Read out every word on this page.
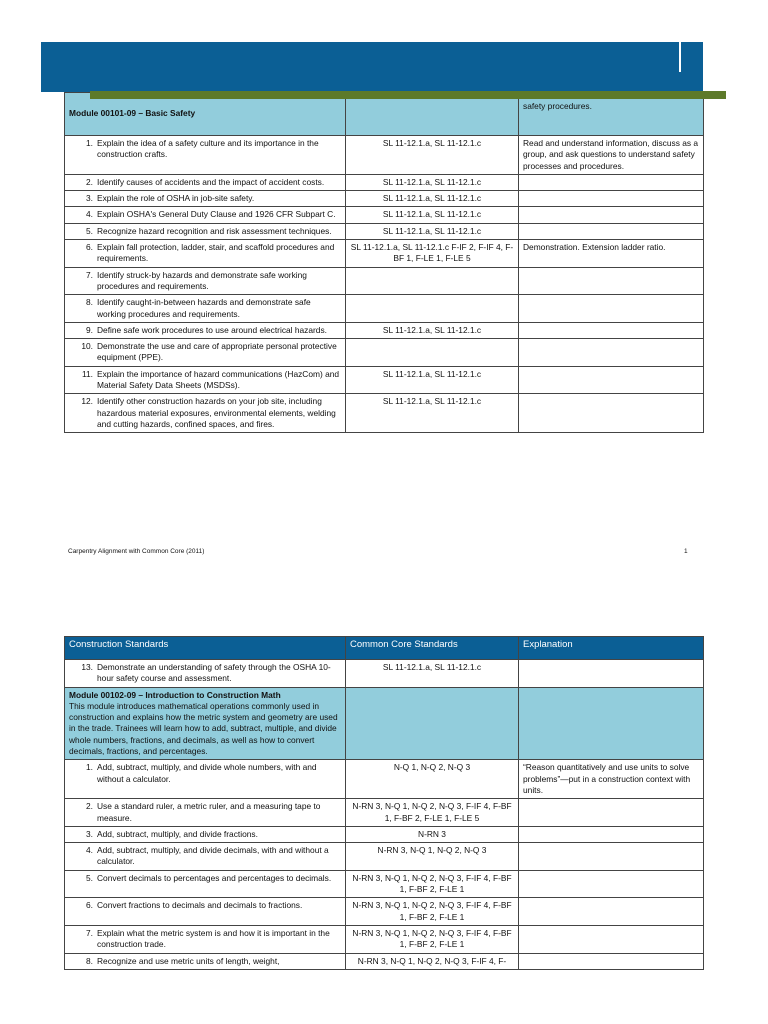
Module 00101-09 – Basic Safety		safety procedures.

1. Explain the idea of a safety culture and its importance in the construction crafts.	SL 11-12.1.a, SL 11-12.1.c	Read and understand information, discuss as a group, and ask questions to understand safety processes and procedures.

2. Identify causes of accidents and the impact of accident costs.	SL 11-12.1.a, SL 11-12.1.c	

3. Explain the role of OSHA in job-site safety.	SL 11-12.1.a, SL 11-12.1.c	

4. Explain OSHA's General Duty Clause and 1926 CFR Subpart C.	SL 11-12.1.a, SL 11-12.1.c	

5. Recognize hazard recognition and risk assessment techniques.	SL 11-12.1.a, SL 11-12.1.c	

6. Explain fall protection, ladder, stair, and scaffold procedures and requirements.	SL 11-12.1.a, SL 11-12.1.c F-IF 2, F-IF 4, F-BF 1, F-LE 1, F-LE 5	Demonstration. Extension ladder ratio.

7. Identify struck-by hazards and demonstrate safe working procedures and requirements.		

8. Identify caught-in-between hazards and demonstrate safe working procedures and requirements.		

9. Define safe work procedures to use around electrical hazards.	SL 11-12.1.a, SL 11-12.1.c	

10. Demonstrate the use and care of appropriate personal protective equipment (PPE).		

11. Explain the importance of hazard communications (HazCom) and Material Safety Data Sheets (MSDSs).	SL 11-12.1.a, SL 11-12.1.c	

12. Identify other construction hazards on your job site, including hazardous material exposures, environmental elements, welding and cutting hazards, confined spaces, and fires.	SL 11-12.1.a, SL 11-12.1.c	
Carpentry Alignment with Common Core (2011)	1
Construction Standards	Common Core Standards	Explanation

13. Demonstrate an understanding of safety through the OSHA 10-hour safety course and assessment.	SL 11-12.1.a, SL 11-12.1.c	

Module 00102-09 – Introduction to Construction Math
This module introduces mathematical operations commonly used in construction and explains how the metric system and geometry are used in the trade. Trainees will learn how to add, subtract, multiple, and divide whole numbers, fractions, and decimals, as well as how to convert decimals, fractions, and percentages.		

1. Add, subtract, multiply, and divide whole numbers, with and without a calculator.	N-Q 1, N-Q 2, N-Q 3	“Reason quantitatively and use units to solve problems”—put in a construction context with units.

2. Use a standard ruler, a metric ruler, and a measuring tape to measure.	N-RN 3, N-Q 1, N-Q 2, N-Q 3, F-IF 4, F-BF 1, F-BF 2, F-LE 1, F-LE 5	

3. Add, subtract, multiply, and divide fractions.	N-RN 3	

4. Add, subtract, multiply, and divide decimals, with and without a calculator.	N-RN 3, N-Q 1, N-Q 2, N-Q 3	

5. Convert decimals to percentages and percentages to decimals.	N-RN 3, N-Q 1, N-Q 2, N-Q 3, F-IF 4, F-BF 1, F-BF 2, F-LE 1	

6. Convert fractions to decimals and decimals to fractions.	N-RN 3, N-Q 1, N-Q 2, N-Q 3, F-IF 4, F-BF 1, F-BF 2, F-LE 1	

7. Explain what the metric system is and how it is important in the construction trade.	N-RN 3, N-Q 1, N-Q 2, N-Q 3, F-IF 4, F-BF 1, F-BF 2, F-LE 1	

8. Recognize and use metric units of length, weight,	N-RN 3, N-Q 1, N-Q 2, N-Q 3, F-IF 4, F-	
